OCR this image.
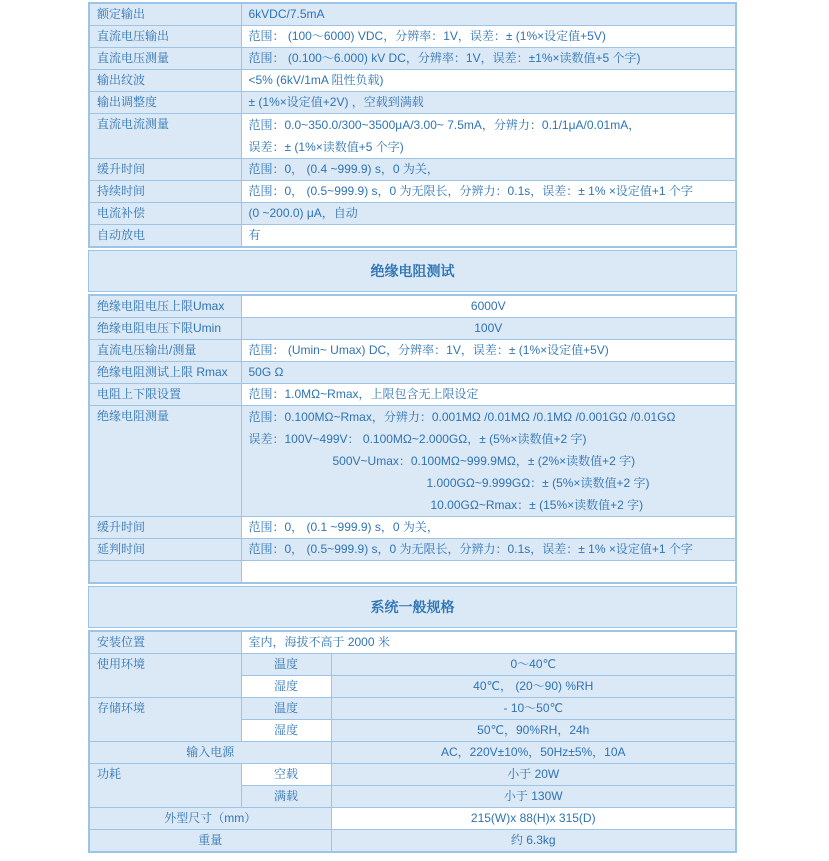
额定输出	6kVDC/7.5mA
直流电压输出	范围： (100～6000) VDC，分辨率：1V，误差：± (1%×设定值+5V)
直流电压测量	范围： (0.100～6.000) kV DC，分辨率：1V，误差：±1%×读数值+5 个字)
输出纹波	<5% (6kV/1mA 阻性负载)
输出调整度	± (1%×设定值+2V) ，空载到满载
直流电流测量	范围：0.0~350.0/300~3500μA/3.00~ 7.5mA，分辨力：0.1/1μA/0.01mA，
误差：± (1%×读数值+5 个字)

缓升时间	范围：0， (0.4 ~999.9) s，0 为关，
持续时间	范围：0， (0.5~999.9) s，0 为无限长，分辨力：0.1s，误差：± 1% ×设定值+1 个字
电流补偿	(0 ~200.0) μA，自动
自动放电	有
绝缘电阻测试
绝缘电阻电压上限Umax	6000V
绝缘电阻电压下限Umin	100V
直流电压输出/测量	范围： (Umin~ Umax) DC，分辨率：1V，误差：± (1%×设定值+5V)
绝缘电阻测试上限 Rmax	50G Ω
电阻上下限设置	范围：1.0MΩ~Rmax，上限包含无上限设定
绝缘电阻测量	范围：0.100MΩ~Rmax，分辨力：0.001MΩ /0.01MΩ /0.1MΩ /0.001GΩ /0.01GΩ
误差：100V~499V： 0.100MΩ~2.000GΩ，± (5%×读数值+2 字)
500V~Umax：0.100MΩ~999.9MΩ，± (2%×读数值+2 字)
1.000GΩ~9.999GΩ：± (5%×读数值+2 字)
10.00GΩ~Rmax：± (15%×读数值+2 字)

缓升时间	范围：0， (0.1 ~999.9) s，0 为关，
延判时间	范围：0， (0.5~999.9) s，0 为无限长，分辨力：0.1s，误差：± 1% ×设定值+1 个字

系统一般规格
安装位置	室内，海拔不高于 2000 米	
使用环境	温度	0～40℃
	湿度	40℃， (20～90) %RH
存储环境	温度	- 10～50℃
	湿度	50℃，90%RH，24h
输入电源		AC，220V±10%，50Hz±5%，10A
功耗	空载	小于 20W
	满载	小于 130W
外型尺寸（mm）		215(W)x 88(H)x 315(D)
重量		约 6.3kg
